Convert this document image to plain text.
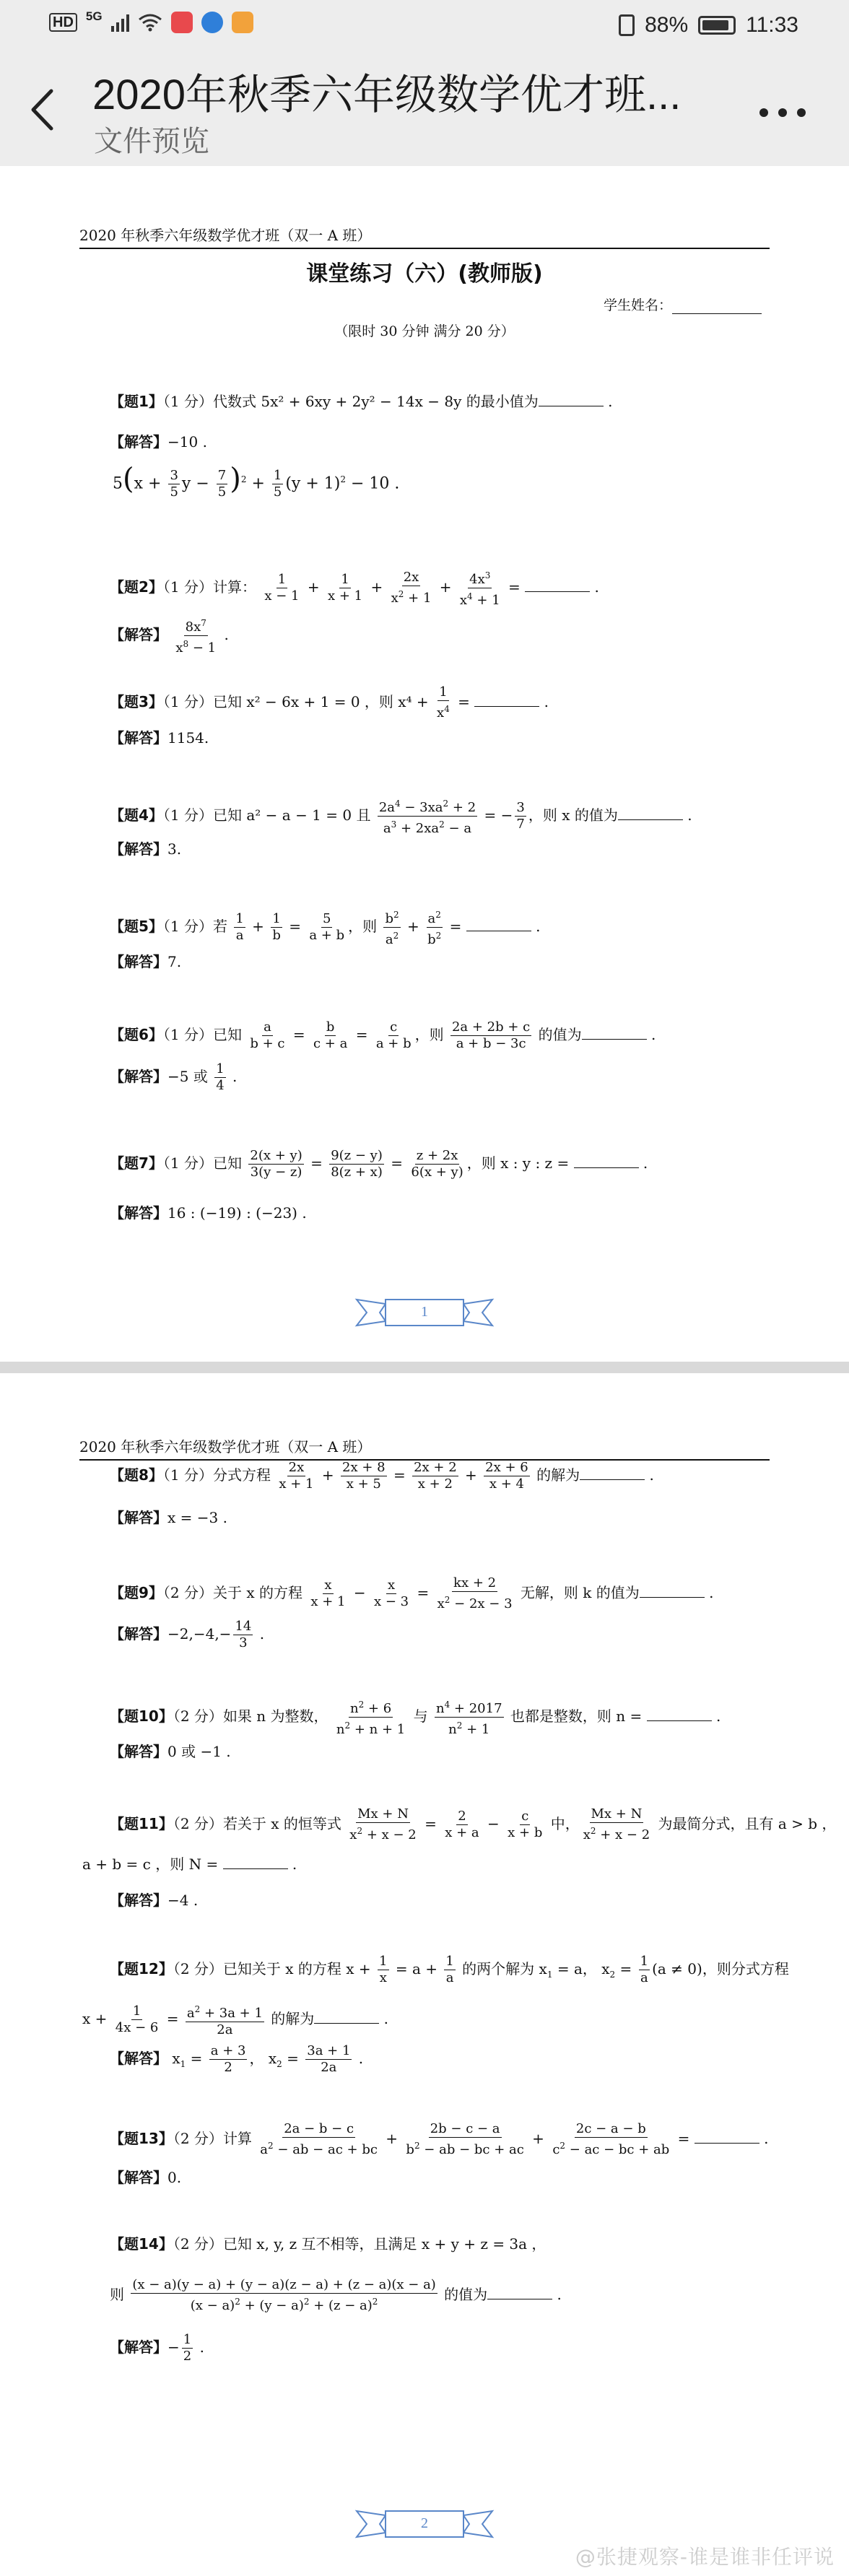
HD 5G	88%	11:33
2020年秋季六年级数学优才班...
文件预览
2020 年秋季六年级数学优才班（双一 A 班）
课堂练习（六）(教师版)
学生姓名：
（限时 30 分钟 满分 20 分）
【题1】（1 分）代数式 5x² + 6xy + 2y² − 14x − 8y 的最小值为	.
【解答】−10 .
$5(x + \frac{3}{5}$ $y - \frac{7}{5} )^2 + \frac{1}{5} (y + 1)^2 - 10$ .
【题2】（1 分）计算： $\frac{1}{x - 1} + \frac{1}{x + 1} + \frac{2x}{x^2 + 1} + \frac{4x^3}{x^4 + 1}$ =	.
【解答】 $\frac{8x^7}{x^8 - 1}$ .
【题3】（1 分）已知 x² − 6x + 1 = 0 ，则 $x^4 + \frac{1}{x^4}$ =	.
【解答】1154.
【题4】（1 分）已知 a² − a − 1 = 0 且 $\frac{2a^4 - 3xa^2 + 2}{a^3 + 2xa^2 - a}$ = − $\frac{3}{7}$ ，则 x 的值为	.
【解答】3.
【题5】（1 分）若 $\frac{1}{a} + \frac{1}{b} = \frac{5}{a + b}$ ，则 $\frac{b^2}{a^2} + \frac{a^2}{b^2}$ =	.
【解答】7.
【题6】（1 分）已知 $\frac{a}{b + c} = \frac{b}{c + a} = \frac{c}{a + b}$ ，则 $\frac{2a + 2b + c}{a + b - 3c}$ 的值为	.
【解答】−5 或 $\frac{1}{4}$ .
【题7】（1 分）已知 $\frac{2(x + y)}{3(y - z)} = \frac{9(z - y)}{8(z + x)} = \frac{z + 2x}{6(x + y)}$ ，则 x : y : z =	.
【解答】16 : (−19) : (−23) .
1
2020 年秋季六年级数学优才班（双一 A 班）
【题8】（1 分）分式方程 $\frac{2x}{x + 1} + \frac{2x + 8}{x + 5} = \frac{2x + 2}{x + 2} + \frac{2x + 6}{x + 4}$ 的解为	.
【解答】x = −3 .
【题9】（2 分）关于 x 的方程 $\frac{x}{x + 1} - \frac{x}{x - 3} = \frac{kx + 2}{x^2 - 2x - 3}$ 无解，则 k 的值为	.
【解答】$-2,-4,- \frac{14}{3}$ .
【题10】（2 分）如果 n 为整数， $\frac{n^2 + 6}{n^2 + n + 1}$ 与 $\frac{n^4 + 2017}{n^2 + 1}$ 也都是整数，则 n =	.
【解答】0 或 −1 .
【题11】（2 分）若关于 x 的恒等式 $\frac{Mx + N}{x^2 + x - 2} = \frac{2}{x + a} - \frac{c}{x + b}$ 中， $\frac{Mx + N}{x^2 + x - 2}$ 为最简分式，且有 a > b ，
a + b = c ，则 N =	.
【解答】−4 .
【题12】（2 分）已知关于 x 的方程 $x + \frac{1}{x} = a + \frac{1}{a}$ 的两个解为 $x_1 = a$， $x_2 = \frac{1}{a} (a \ne 0)$，则分式方程
$x + \frac{1}{4x - 6} = \frac{a^2 + 3a + 1}{2a}$ 的解为	.
【解答】 $x_1 = \frac{a + 3}{2}$ ， $x_2 = \frac{3a + 1}{2a}$ .
【题13】（2 分）计算 $\frac{2a - b - c}{a^2 - ab - ac + bc} + \frac{2b - c - a}{b^2 - ab - bc + ac} + \frac{2c - a - b}{c^2 - ac - bc + ab}$ =	.
【解答】0.
【题14】（2 分）已知 x, y, z 互不相等，且满足 x + y + z = 3a ，
则 $\frac{(x - a)(y - a) + (y - a)(z - a) + (z - a)(x - a)}{(x - a)^2 + (y - a)^2 + (z - a)^2}$ 的值为	.
【解答】− $\frac{1}{2}$ .
2
@张捷观察-谁是谁非任评说
